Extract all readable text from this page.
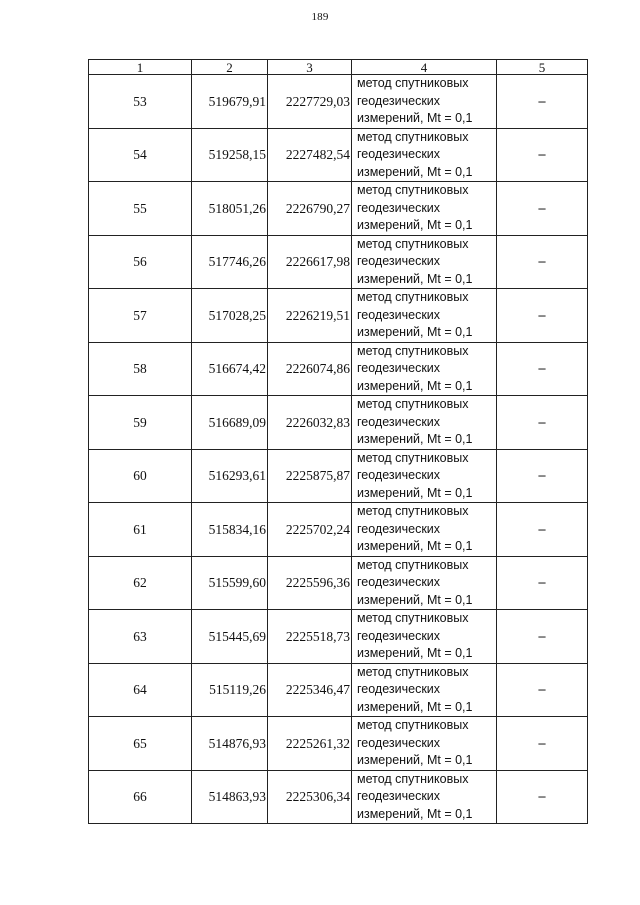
189
1	2	3	4	5
53	519679,91	2227729,03	метод спутниковых
геодезических
измерений, Mt = 0,1	–
54	519258,15	2227482,54	метод спутниковых
геодезических
измерений, Mt = 0,1	–
55	518051,26	2226790,27	метод спутниковых
геодезических
измерений, Mt = 0,1	–
56	517746,26	2226617,98	метод спутниковых
геодезических
измерений, Mt = 0,1	–
57	517028,25	2226219,51	метод спутниковых
геодезических
измерений, Mt = 0,1	–
58	516674,42	2226074,86	метод спутниковых
геодезических
измерений, Mt = 0,1	–
59	516689,09	2226032,83	метод спутниковых
геодезических
измерений, Mt = 0,1	–
60	516293,61	2225875,87	метод спутниковых
геодезических
измерений, Mt = 0,1	–
61	515834,16	2225702,24	метод спутниковых
геодезических
измерений, Mt = 0,1	–
62	515599,60	2225596,36	метод спутниковых
геодезических
измерений, Mt = 0,1	–
63	515445,69	2225518,73	метод спутниковых
геодезических
измерений, Mt = 0,1	–
64	515119,26	2225346,47	метод спутниковых
геодезических
измерений, Mt = 0,1	–
65	514876,93	2225261,32	метод спутниковых
геодезических
измерений, Mt = 0,1	–
66	514863,93	2225306,34	метод спутниковых
геодезических
измерений, Mt = 0,1	–
